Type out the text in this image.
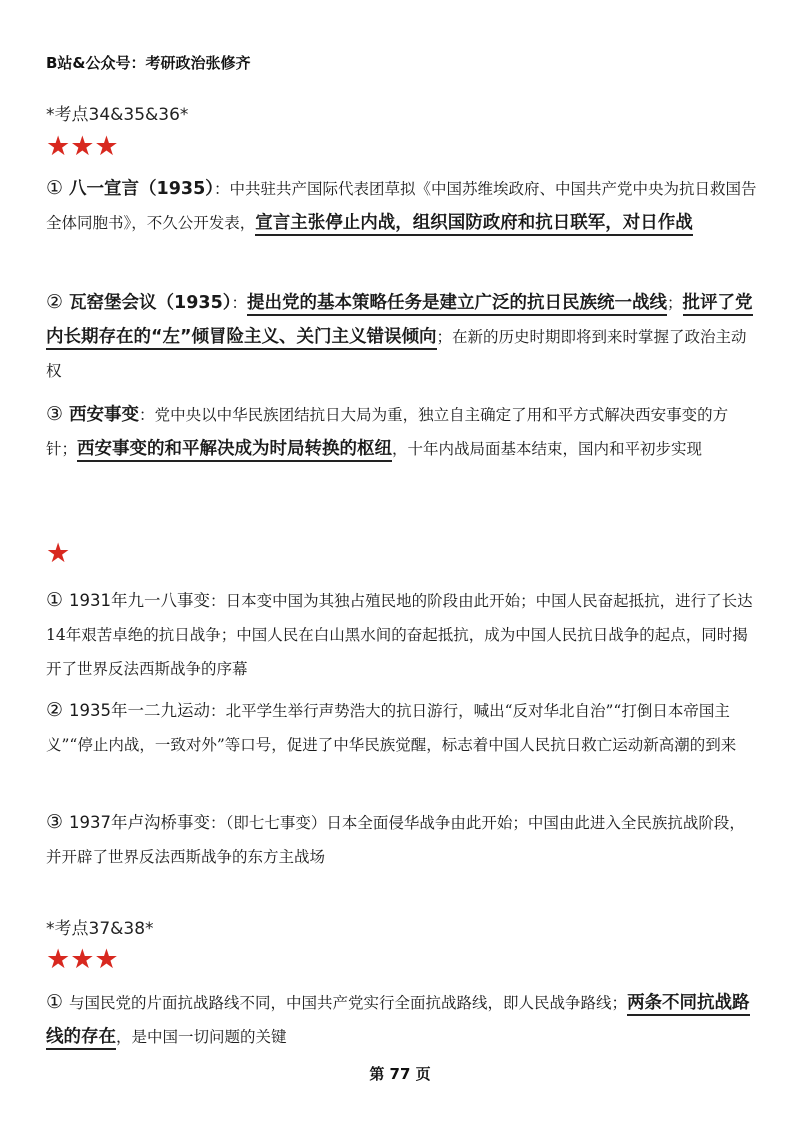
B站&公众号：考研政治张修齐
*考点34&35&36*
★★★
① 八一宣言（1935）：中共驻共产国际代表团草拟《中国苏维埃政府、中国共产党中央为抗日救国告全体同胞书》，不久公开发表，宣言主张停止内战，组织国防政府和抗日联军，对日作战
② 瓦窑堡会议（1935）：提出党的基本策略任务是建立广泛的抗日民族统一战线；批评了党内长期存在的“左”倾冒险主义、关门主义错误倾向；在新的历史时期即将到来时掌握了政治主动权
③ 西安事变：党中央以中华民族团结抗日大局为重，独立自主确定了用和平方式解决西安事变的方针；西安事变的和平解决成为时局转换的枢纽，十年内战局面基本结束，国内和平初步实现
★
① 1931年九一八事变：日本变中国为其独占殖民地的阶段由此开始；中国人民奋起抵抗，进行了长达14年艰苦卓绝的抗日战争；中国人民在白山黑水间的奋起抵抗，成为中国人民抗日战争的起点，同时揭开了世界反法西斯战争的序幕
② 1935年一二九运动：北平学生举行声势浩大的抗日游行，喊出“反对华北自治”“打倒日本帝国主义”“停止内战，一致对外”等口号，促进了中华民族觉醒，标志着中国人民抗日救亡运动新高潮的到来
③ 1937年卢沟桥事变：（即七七事变）日本全面侵华战争由此开始；中国由此进入全民族抗战阶段，并开辟了世界反法西斯战争的东方主战场
*考点37&38*
★★★
① 与国民党的片面抗战路线不同，中国共产党实行全面抗战路线，即人民战争路线；两条不同抗战路线的存在，是中国一切问题的关键
第 77 页
